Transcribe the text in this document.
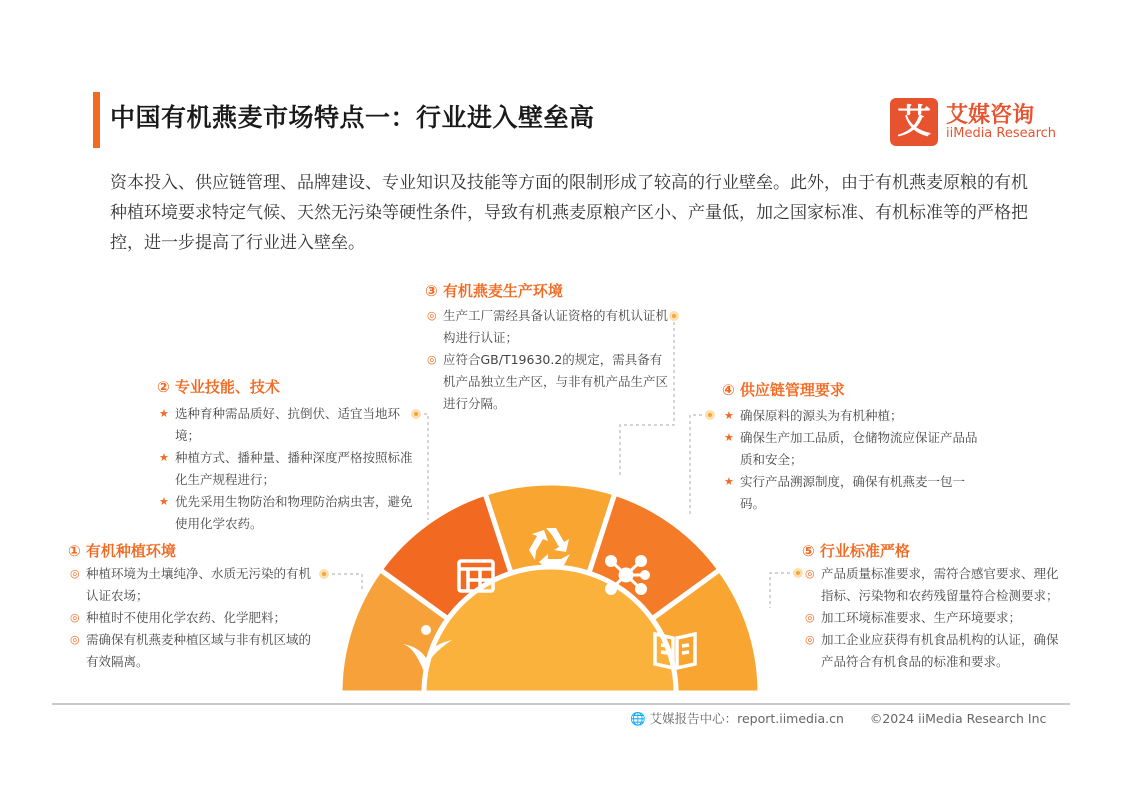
中国有机燕麦市场特点一：行业进入壁垒高	艾 艾媒咨询
iiMedia Research
资本投入、供应链管理、品牌建设、专业知识及技能等方面的限制形成了较高的行业壁垒。此外，由于有机燕麦原粮的有机种植环境要求特定气候、天然无污染等硬性条件，导致有机燕麦原粮产区小、产量低，加之国家标准、有机标准等的严格把控，进一步提高了行业进入壁垒。
① 有机种植环境
◎ 种植环境为土壤纯净、水质无污染的有机认证农场；
◎ 种植时不使用化学农药、化学肥料；
◎ 需确保有机燕麦种植区域与非有机区域的有效隔离。
② 专业技能、技术
★ 选种育种需品质好、抗倒伏、适宜当地环境；
★ 种植方式、播种量、播种深度严格按照标准化生产规程进行；
★ 优先采用生物防治和物理防治病虫害，避免使用化学农药。
③ 有机燕麦生产环境
◎ 生产工厂需经具备认证资格的有机认证机构进行认证；
◎ 应符合GB/T19630.2的规定，需具备有机产品独立生产区，与非有机产品生产区进行分隔。
④ 供应链管理要求
★ 确保原料的源头为有机种植；
★ 确保生产加工品质，仓储物流应保证产品品质和安全；
★ 实行产品溯源制度，确保有机燕麦一包一码。
⑤ 行业标准严格
◎ 产品质量标准要求，需符合感官要求、理化指标、污染物和农药残留量符合检测要求；
◎ 加工环境标准要求、生产环境要求；
◎ 加工企业应获得有机食品机构的认证，确保产品符合有机食品的标准和要求。
🌐 艾媒报告中心：report.iimedia.cn ©2024 iiMedia Research Inc
